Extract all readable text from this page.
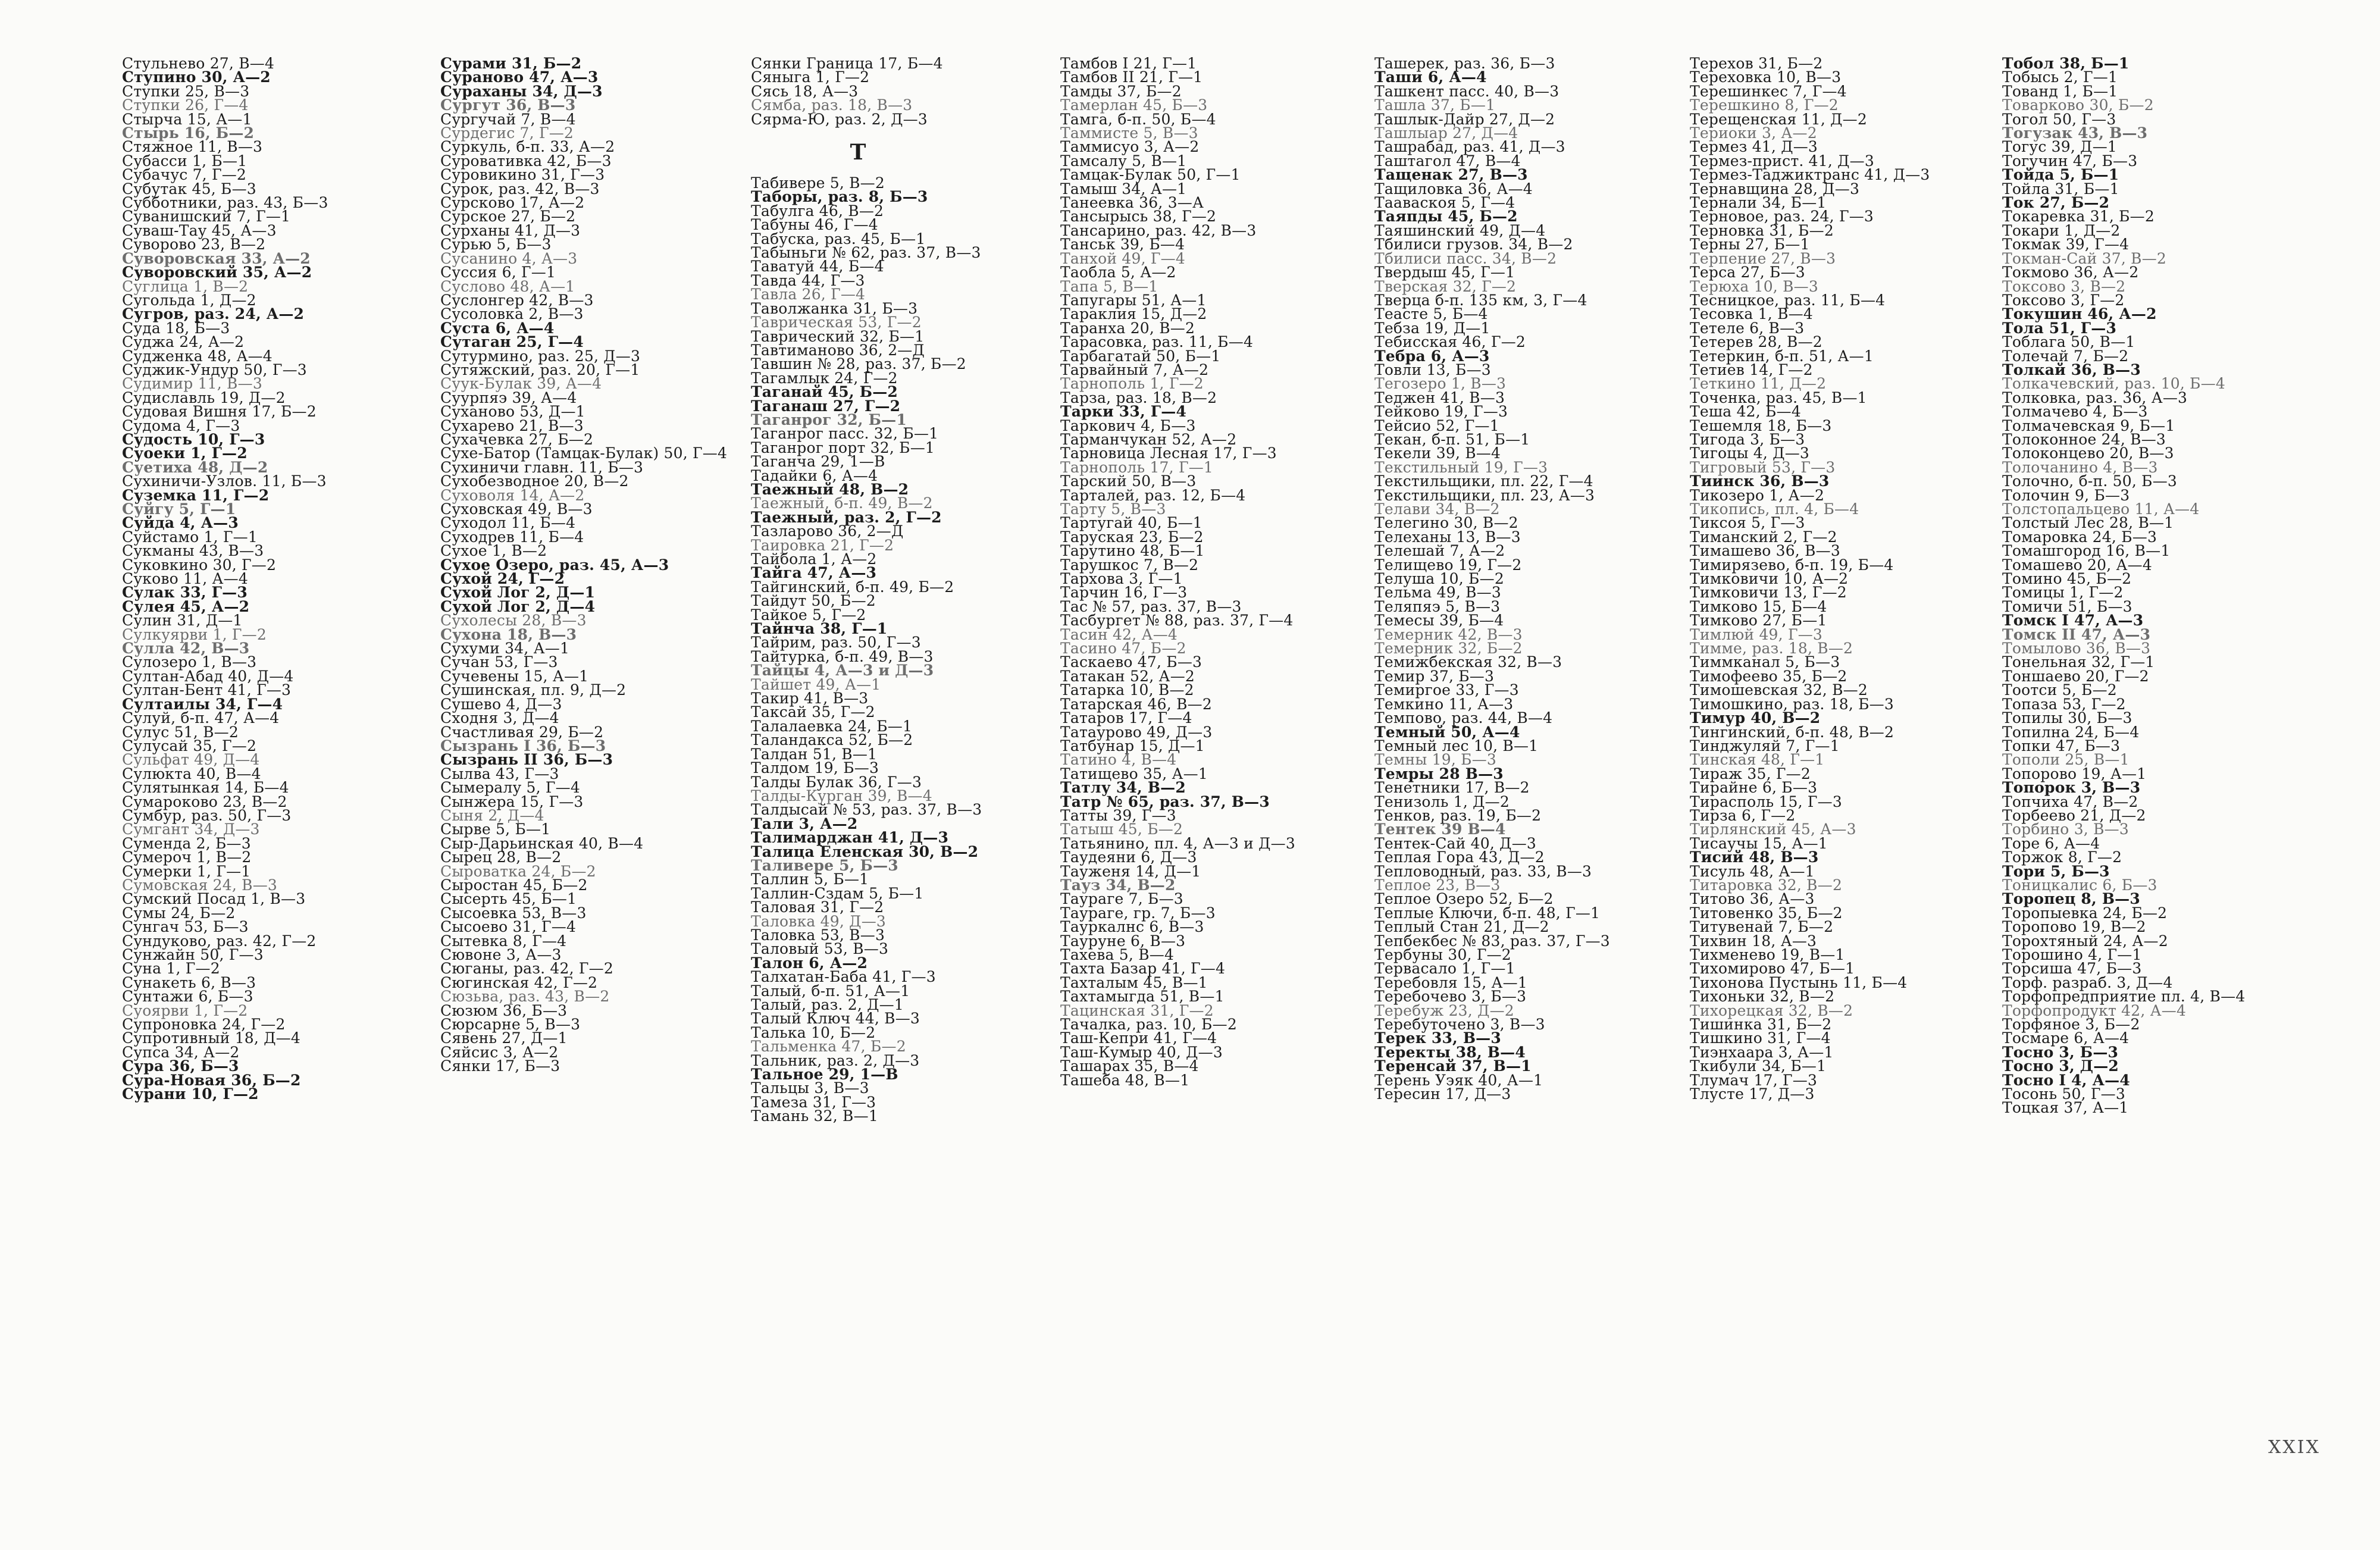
Стульнево 27, В—4
Ступино 30, А—2
Ступки 25, В—3
Ступки 26, Г—4
Стырча 15, А—1
Стырь 16, Б—2
Стяжное 11, В—3
Субасси 1, Б—1
Субачус 7, Г—2
Субутак 45, Б—3
Субботники, раз. 43, Б—3
Суванишский 7, Г—1
Суваш-Тау 45, А—3
Суворово 23, В—2
Суворовская 33, А—2
Суворовский 35, А—2
Суглица 1, В—2
Сугольда 1, Д—2
Сугров, раз. 24, А—2
Суда 18, Б—3
Суджа 24, А—2
Судженка 48, А—4
Суджик-Ундур 50, Г—3
Судимир 11, В—3
Судиславль 19, Д—2
Судовая Вишня 17, Б—2
Судома 4, Г—3
Судость 10, Г—3
Суоеки 1, Г—2
Суетиха 48, Д—2
Сухиничи-Узлов. 11, Б—3
Суземка 11, Г—2
Суйгу 5, Г—1
Суйда 4, А—3
Суйстамо 1, Г—1
Сукманы 43, В—3
Суковкино 30, Г—2
Суково 11, А—4
Сулак 33, Г—3
Сулея 45, А—2
Сулин 31, Д—1
Сулкуярви 1, Г—2
Сулла 42, В—3
Сулозеро 1, В—3
Султан-Абад 40, Д—4
Султан-Бент 41, Г—3
Султаилы 34, Г—4
Сулуй, б-п. 47, А—4
Сулус 51, В—2
Сулусай 35, Г—2
Сульфат 49, Д—4
Сулюкта 40, В—4
Сулятынкая 14, Б—4
Сумароково 23, В—2
Сумбур, раз. 50, Г—3
Сумгант 34, Д—3
Суменда 2, Б—3
Сумероч 1, В—2
Сумерки 1, Г—1
Сумовская 24, В—3
Сумский Посад 1, В—3
Сумы 24, Б—2
Сунгач 53, Б—3
Сундуково, раз. 42, Г—2
Сунжайн 50, Г—3
Суна 1, Г—2
Сунакеть 6, В—3
Сунтажи 6, Б—3
Суоярви 1, Г—2
Супроновка 24, Г—2
Супротивный 18, Д—4
Супса 34, А—2
Сура 36, Б—3
Сура-Новая 36, Б—2
Сурани 10, Г—2
Сурами 31, Б—2
Сураново 47, А—3
Сураханы 34, Д—3
Сургут 36, В—3
Сургучай 7, В—4
Сурдегис 7, Г—2
Суркуль, б-п. 33, А—2
Суровативка 42, Б—3
Суровикино 31, Г—3
Сурок, раз. 42, В—3
Сурсково 17, А—2
Сурское 27, Б—2
Сурханы 41, Д—3
Сурью 5, Б—3
Сусанино 4, А—3
Суссия 6, Г—1
Суслово 48, А—1
Суслонгер 42, В—3
Сусоловка 2, В—3
Суста 6, А—4
Сутаган 25, Г—4
Сутурмино, раз. 25, Д—3
Сутяжский, раз. 20, Г—1
Суук-Булак 39, А—4
Суурпяэ 39, А—4
Суханово 53, Д—1
Сухарево 21, В—3
Сухачевка 27, Б—2
Сухе-Батор (Тамцак-Булак) 50, Г—4
Сухиничи главн. 11, Б—3
Сухобезводное 20, В—2
Суховоля 14, А—2
Суховская 49, В—3
Суходол 11, Б—4
Суходрев 11, Б—4
Сухое 1, В—2
Сухое Озеро, раз. 45, А—3
Сухой 24, Г—2
Сухой Лог 2, Д—1
Сухой Лог 2, Д—4
Сухолесы 28, В—3
Сухона 18, В—3
Сухуми 34, А—1
Сучан 53, Г—3
Сучевены 15, А—1
Сушинская, пл. 9, Д—2
Сушево 4, Д—3
Сходня 3, Д—4
Счастливая 29, Б—2
Сызрань I 36, Б—3
Сызрань II 36, Б—3
Сылва 43, Г—3
Сымералу 5, Г—4
Сынжера 15, Г—3
Сыня 2, Д—4
Сырве 5, Б—1
Сыр-Дарьинская 40, В—4
Сырец 28, В—2
Сыроватка 24, Б—2
Сыростан 45, Б—2
Сысерть 45, Б—1
Сысоевка 53, В—3
Сысоево 31, Г—4
Сытевка 8, Г—4
Сювоне 3, А—3
Сюганы, раз. 42, Г—2
Сюгинская 42, Г—2
Сюзьва, раз. 43, В—2
Сюзюм 36, Б—3
Сюрсарне 5, В—3
Сявень 27, Д—1
Сяйсис 3, А—2
Сянки 17, Б—3
Сянки Граница 17, Б—4
Сяныга 1, Г—2
Сясь 18, А—3
Сямба, раз. 18, В—3
Сярма-Ю, раз. 2, Д—3
Т
Табивере 5, В—2
Таборы, раз. 8, Б—3
Табулга 46, В—2
Табуны 46, Г—4
Табуска, раз. 45, Б—1
Табыньги № 62, раз. 37, В—3
Таватуй 44, Б—4
Тавда 44, Г—3
Тавла 26, Г—4
Таволжанка 31, Б—3
Таврическая 53, Г—2
Таврический 32, Б—1
Тавтиманово 36, 2—Д
Тавшин № 28, раз. 37, Б—2
Тагамлык 24, Г—2
Таганай 45, Б—2
Таганаш 27, Г—2
Таганрог 32, Б—1
Таганрог пасс. 32, Б—1
Таганрог порт 32, Б—1
Таганча 29, 1—В
Тадайки 6, А—4
Таежный 48, В—2
Таежный, б-п. 49, В—2
Таежный, раз. 2, Г—2
Тазларово 36, 2—Д
Таировка 21, Г—2
Тайбола 1, А—2
Тайга 47, А—3
Тайгинский, б-п. 49, Б—2
Тайдут 50, Б—2
Тайкое 5, Г—2
Тайнча 38, Г—1
Тайрим, раз. 50, Г—3
Тайтурка, б-п. 49, В—3
Тайцы 4, А—3 и Д—3
Тайшет 49, А—1
Такир 41, В—3
Таксай 35, Г—2
Талалаевка 24, Б—1
Таландакса 52, Б—2
Талдан 51, В—1
Талдом 19, Б—3
Талды Булак 36, Г—3
Талды-Курган 39, В—4
Талдысай № 53, раз. 37, В—3
Тали 3, А—2
Талимарджан 41, Д—3
Талица Еленская 30, В—2
Таливере 5, Б—3
Таллин 5, Б—1
Таллин-Сздам 5, Б—1
Таловая 31, Г—2
Таловка 49, Д—3
Таловка 53, В—3
Таловый 53, В—3
Талон 6, А—2
Талхатан-Баба 41, Г—3
Талый, б-п. 51, А—1
Талый, раз. 2, Д—1
Талый Ключ 44, В—3
Талька 10, Б—2
Тальменка 47, Б—2
Тальник, раз. 2, Д—3
Тальное 29, 1—В
Тальцы 3, В—3
Тамеза 31, Г—3
Тамань 32, В—1
Тамбов I 21, Г—1
Тамбов II 21, Г—1
Тамды 37, Б—2
Тамерлан 45, Б—3
Тамга, б-п. 50, Б—4
Таммисте 5, В—3
Таммисуо 3, А—2
Тамсалу 5, В—1
Тамцак-Булак 50, Г—1
Тамыш 34, А—1
Танеевка 36, 3—А
Тансырысь 38, Г—2
Тансарино, раз. 42, В—3
Танськ 39, Б—4
Танхой 49, Г—4
Таобла 5, А—2
Тапа 5, В—1
Тапугары 51, А—1
Тараклия 15, Д—2
Таранха 20, В—2
Тарасовка, раз. 11, Б—4
Тарбагатай 50, Б—1
Тарвайный 7, А—2
Тарнополь 1, Г—2
Тарза, раз. 18, В—2
Тарки 33, Г—4
Таркович 4, Б—3
Тарманчукан 52, А—2
Тарновица Лесная 17, Г—3
Тарнополь 17, Г—1
Тарский 50, В—3
Тарталей, раз. 12, Б—4
Тарту 5, В—3
Тартугай 40, Б—1
Таруская 23, Б—2
Тарутино 48, Б—1
Тарушкос 7, В—2
Тархова 3, Г—1
Тарчин 16, Г—3
Тас № 57, раз. 37, В—3
Тасбургет № 88, раз. 37, Г—4
Тасин 42, А—4
Тасино 47, Б—2
Таскаево 47, Б—3
Татакан 52, А—2
Татарка 10, В—2
Татарская 46, В—2
Татаров 17, Г—4
Татаурово 49, Д—3
Татбунар 15, Д—1
Татино 4, В—4
Татищево 35, А—1
Татлу 34, В—2
Татр № 65, раз. 37, В—3
Татты 39, Г—3
Татыш 45, Б—2
Татьянино, пл. 4, А—3 и Д—3
Таудеяни 6, Д—3
Тауженя 14, Д—1
Тауз 34, В—2
Таураге 7, Б—3
Таураге, гр. 7, Б—3
Тауркалнс 6, В—3
Тауруне 6, В—3
Тахева 5, В—4
Тахта Базар 41, Г—4
Тахталым 45, В—1
Тахтамыгда 51, В—1
Тацинская 31, Г—2
Тачалка, раз. 10, Б—2
Таш-Кепри 41, Г—4
Таш-Кумыр 40, Д—3
Ташарах 35, В—4
Ташеба 48, В—1
Ташерек, раз. 36, Б—3
Таши 6, А—4
Ташкент пасс. 40, В—3
Ташла 37, Б—1
Ташлык-Дайр 27, Д—2
Ташлыар 27, Д—4
Ташрабад, раз. 41, Д—3
Таштагол 47, В—4
Тащенак 27, В—3
Тащиловка 36, А—4
Тааваскоя 5, Г—4
Таяпды 45, Б—2
Таяшинский 49, Д—4
Тбилиси грузов. 34, В—2
Тбилиси пасс. 34, В—2
Твердыш 45, Г—1
Тверская 32, Г—2
Тверца б-п. 135 км, 3, Г—4
Теасте 5, Б—4
Тебза 19, Д—1
Тебисская 46, Г—2
Тебра 6, А—3
Товли 13, Б—3
Тегозеро 1, В—3
Теджен 41, В—3
Тейково 19, Г—3
Тейсио 52, Г—1
Текан, б-п. 51, Б—1
Текели 39, В—4
Текстильный 19, Г—3
Текстильщики, пл. 22, Г—4
Текстильщики, пл. 23, А—3
Телави 34, В—2
Телегино 30, В—2
Телеханы 13, В—3
Телешай 7, А—2
Телищево 19, Г—2
Телуша 10, Б—2
Тельма 49, В—3
Теляпяэ 5, В—3
Темесы 39, Б—4
Темерник 42, В—3
Темерник 32, Б—2
Темижбекская 32, В—3
Темир 37, Б—3
Темиргое 33, Г—3
Темкино 11, А—3
Темпово, раз. 44, В—4
Темный 50, А—4
Темный лес 10, В—1
Темны 19, Б—3
Темры 28 В—3
Тенетники 17, В—2
Тенизоль 1, Д—2
Тенков, раз. 19, Б—2
Тентек 39 В—4
Тентек-Сай 40, Д—3
Теплая Гора 43, Д—2
Тепловодный, раз. 33, В—3
Теплое 23, В—3
Теплое Озеро 52, Б—2
Теплые Ключи, б-п. 48, Г—1
Теплый Стан 21, Д—2
Тепбекбес № 83, раз. 37, Г—3
Тербуны 30, Г—2
Тервасало 1, Г—1
Теребовля 15, А—1
Теребочево 3, Б—3
Теребуж 23, Д—2
Теребуточено 3, В—3
Терек 33, В—3
Теректы 38, В—4
Теренсай 37, В—1
Терень Уэяк 40, А—1
Тересин 17, Д—3
Терехов 31, Б—2
Тереховка 10, В—3
Терешинкес 7, Г—4
Терешкино 8, Г—2
Терещенская 11, Д—2
Териоки 3, А—2
Термез 41, Д—3
Термез-прист. 41, Д—3
Термез-Таджиктранс 41, Д—3
Тернавщина 28, Д—3
Тернали 34, Б—1
Терновое, раз. 24, Г—3
Терновка 31, Б—2
Терны 27, Б—1
Терпение 27, В—3
Терса 27, Б—3
Терюха 10, В—3
Тесницкое, раз. 11, Б—4
Тесовка 1, В—4
Тетеле 6, В—3
Тетерев 28, В—2
Тетеркин, б-п. 51, А—1
Тетиев 14, Г—2
Теткино 11, Д—2
Точенка, раз. 45, В—1
Теша 42, Б—4
Тешемля 18, Б—3
Тигода 3, Б—3
Тигоцы 4, Д—3
Тигровый 53, Г—3
Тиинск 36, В—3
Тикозеро 1, А—2
Тикопись, пл. 4, Б—4
Тиксоя 5, Г—3
Тиманский 2, Г—2
Тимашево 36, В—3
Тимирязево, б-п. 19, Б—4
Тимковичи 10, А—2
Тимковичи 13, Г—2
Тимково 15, Б—4
Тимково 27, Б—1
Тимлюй 49, Г—3
Тимме, раз. 18, В—2
Тиммканал 5, Б—3
Тимофеево 35, Б—2
Тимошевская 32, В—2
Тимошкино, раз. 18, Б—3
Тимур 40, В—2
Тингинский, б-п. 48, В—2
Тинджуляй 7, Г—1
Тинская 48, Г—1
Тираж 35, Г—2
Тирайне 6, Б—3
Тирасполь 15, Г—3
Тирза 6, Г—2
Тирлянский 45, А—3
Тисаучы 15, А—1
Тисий 48, В—3
Тисуль 48, А—1
Титаровка 32, В—2
Титово 36, А—3
Титовенко 35, Б—2
Титувенай 7, Б—2
Тихвин 18, А—3
Тихменево 19, В—1
Тихомирово 47, Б—1
Тихонова Пустынь 11, Б—4
Тихоньки 32, В—2
Тихорецкая 32, В—2
Тишинка 31, Б—2
Тишкино 31, Г—4
Тиэнхаара 3, А—1
Ткибули 34, Б—1
Тлумач 17, Г—3
Тлусте 17, Д—3
Тобол 38, Б—1
Тобысь 2, Г—1
Тованд 1, Б—1
Товарково 30, Б—2
Тогол 50, Г—3
Тогузак 43, В—3
Тогус 39, Д—1
Тогучин 47, Б—3
Тойда 5, Б—1
Тойла 31, Б—1
Ток 27, Б—2
Токаревка 31, Б—2
Токари 1, Д—2
Токмак 39, Г—4
Токман-Сай 37, В—2
Токмово 36, А—2
Токсово 3, В—2
Токсово 3, Г—2
Токушин 46, А—2
Тола 51, Г—3
Тоблага 50, В—1
Толечай 7, Б—2
Толкай 36, В—3
Толкачевский, раз. 10, Б—4
Толковка, раз. 36, А—3
Толмачево 4, Б—3
Толмачевская 9, Б—1
Толоконное 24, В—3
Толоконцево 20, В—3
Толочанино 4, В—3
Толочно, б-п. 50, Б—3
Толочин 9, Б—3
Толстопальцево 11, А—4
Толстый Лес 28, В—1
Томаровка 24, Б—3
Томашгород 16, В—1
Томашево 20, А—4
Томино 45, Б—2
Томицы 1, Г—2
Томичи 51, Б—3
Томск I 47, А—3
Томск II 47, А—3
Томылово 36, В—3
Тонельная 32, Г—1
Тоншаево 20, Г—2
Тоотси 5, Б—2
Топаза 53, Г—2
Топилы 30, Б—3
Топилна 24, Б—4
Топки 47, Б—3
Тополи 25, В—1
Топорово 19, А—1
Топорок 3, В—3
Топчиха 47, В—2
Торбеево 21, Д—2
Торбино 3, В—3
Торе 6, А—4
Торжок 8, Г—2
Тори 5, Б—3
Тоницкалис 6, Б—3
Торопец 8, В—3
Торопыевка 24, Б—2
Торопово 19, В—2
Торохтяный 24, А—2
Торошино 4, Г—1
Торсиша 47, Б—3
Торф. разраб. 3, Д—4
Торфопредприятие пл. 4, В—4
Торфопродукт 42, А—4
Торфяное 3, Б—2
Тосмаре 6, А—4
Тосно 3, Б—3
Тосно 3, Д—2
Тосно I 4, А—4
Тосонь 50, Г—3
Тоцкая 37, А—1
XXIX
